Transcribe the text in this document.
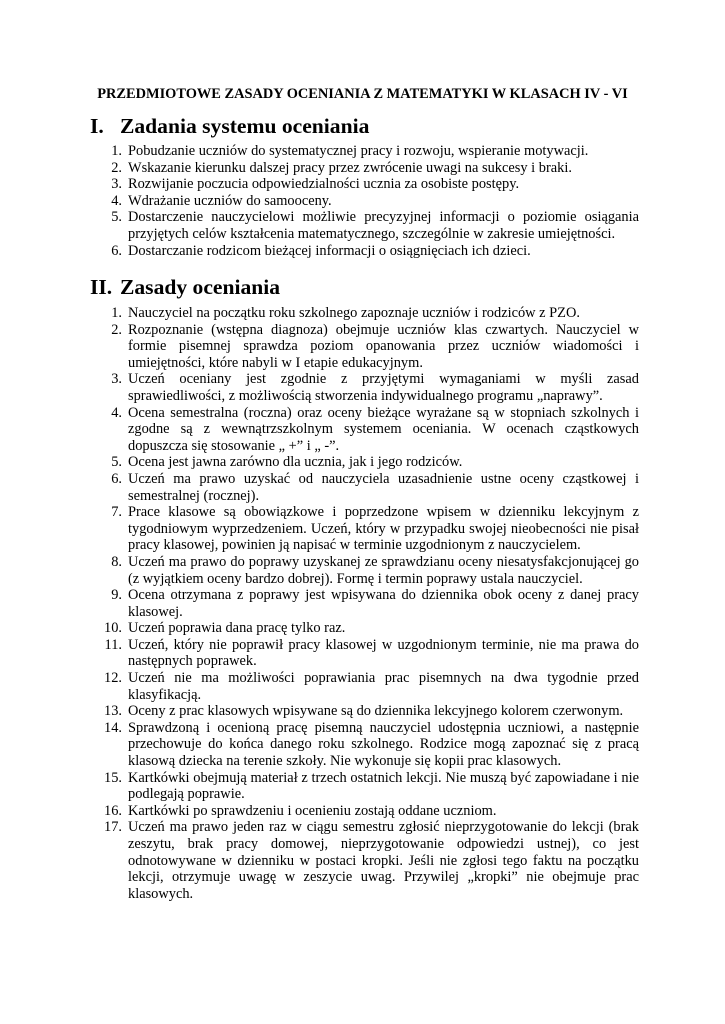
PRZEDMIOTOWE ZASADY OCENIANIA Z MATEMATYKI W KLASACH IV - VI
I. Zadania systemu oceniania
1. Pobudzanie uczniów do systematycznej pracy i rozwoju, wspieranie motywacji.
2. Wskazanie kierunku dalszej pracy przez zwrócenie uwagi na sukcesy i braki.
3. Rozwijanie poczucia odpowiedzialności ucznia za osobiste postępy.
4. Wdrażanie uczniów do samooceny.
5. Dostarczenie nauczycielowi możliwie precyzyjnej informacji o poziomie osiągania przyjętych celów kształcenia matematycznego, szczególnie w zakresie umiejętności.
6. Dostarczanie rodzicom bieżącej informacji o osiągnięciach ich dzieci.
II. Zasady oceniania
1. Nauczyciel na początku roku szkolnego zapoznaje uczniów i rodziców z PZO.
2. Rozpoznanie (wstępna diagnoza) obejmuje uczniów klas czwartych. Nauczyciel w formie pisemnej sprawdza poziom opanowania przez uczniów wiadomości i umiejętności, które nabyli w I etapie edukacyjnym.
3. Uczeń oceniany jest zgodnie z przyjętymi wymaganiami w myśli zasad sprawiedliwości, z możliwością stworzenia indywidualnego programu „naprawy”.
4. Ocena semestralna (roczna) oraz oceny bieżące wyrażane są w stopniach szkolnych i zgodne są z wewnątrzszkolnym systemem oceniania. W ocenach cząstkowych dopuszcza się stosowanie „ +” i „ -”.
5. Ocena jest jawna zarówno dla ucznia, jak i jego rodziców.
6. Uczeń ma prawo uzyskać od nauczyciela uzasadnienie ustne oceny cząstkowej i semestralnej (rocznej).
7. Prace klasowe są obowiązkowe i poprzedzone wpisem w dzienniku lekcyjnym z tygodniowym wyprzedzeniem. Uczeń, który w przypadku swojej nieobecności nie pisał pracy klasowej, powinien ją napisać w terminie uzgodnionym z nauczycielem.
8. Uczeń ma prawo do poprawy uzyskanej ze sprawdzianu oceny niesatysfakcjonującej go (z wyjątkiem oceny bardzo dobrej). Formę i termin poprawy ustala nauczyciel.
9. Ocena otrzymana z poprawy jest wpisywana do dziennika obok oceny z danej pracy klasowej.
10. Uczeń poprawia dana pracę tylko raz.
11. Uczeń, który nie poprawił pracy klasowej w uzgodnionym terminie, nie ma prawa do następnych poprawek.
12. Uczeń nie ma możliwości poprawiania prac pisemnych na dwa tygodnie przed klasyfikacją.
13. Oceny z prac klasowych wpisywane są do dziennika lekcyjnego kolorem czerwonym.
14. Sprawdzoną i ocenioną pracę pisemną nauczyciel udostępnia uczniowi, a następnie przechowuje do końca danego roku szkolnego. Rodzice mogą zapoznać się z pracą klasową dziecka na terenie szkoły. Nie wykonuje się kopii prac klasowych.
15. Kartkówki obejmują materiał z trzech ostatnich lekcji. Nie muszą być zapowiadane i nie podlegają poprawie.
16. Kartkówki po sprawdzeniu i ocenieniu zostają oddane uczniom.
17. Uczeń ma prawo jeden raz w ciągu semestru zgłosić nieprzygotowanie do lekcji (brak zeszytu, brak pracy domowej, nieprzygotowanie odpowiedzi ustnej), co jest odnotowywane w dzienniku w postaci kropki. Jeśli nie zgłosi tego faktu na początku lekcji, otrzymuje uwagę w zeszycie uwag. Przywilej „kropki” nie obejmuje prac klasowych.
